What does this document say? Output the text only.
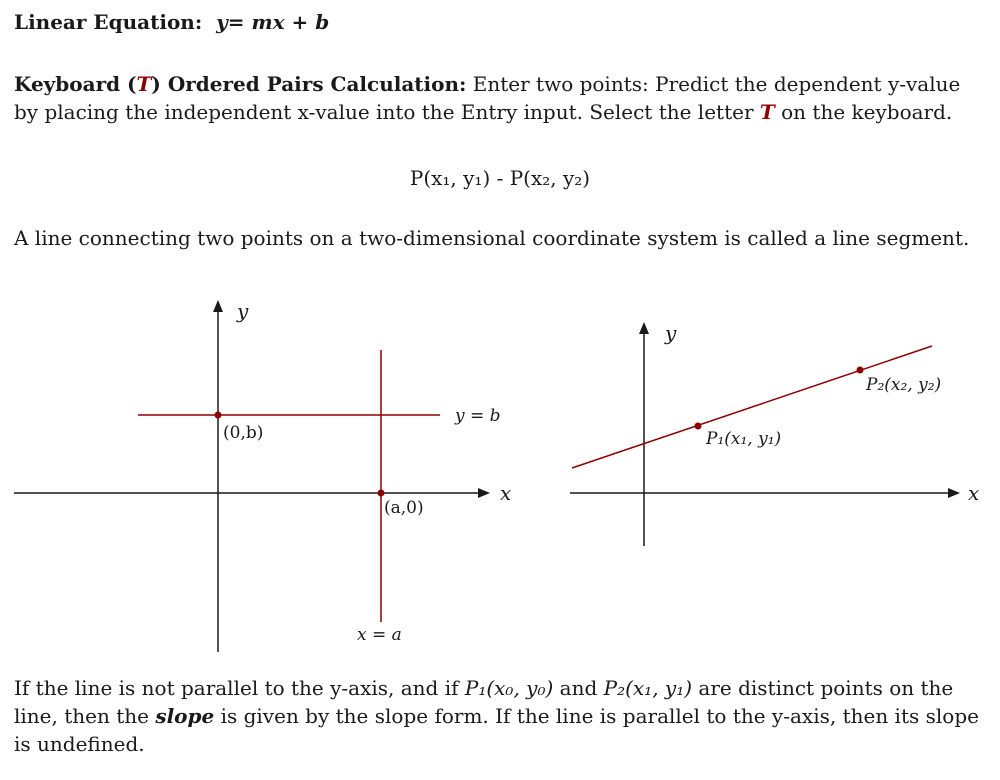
Linear Equation: y= mx + b
Keyboard (T) Ordered Pairs Calculation: Enter two points: Predict the dependent y-value by placing the independent x-value into the Entry input. Select the letter T on the keyboard.
P(x₁, y₁) - P(x₂, y₂)
A line connecting two points on a two-dimensional coordinate system is called a line segment.
y
x
y = b
x = a
(0,b)
(a,0)
y
x
P₁(x₁, y₁)
P₂(x₂, y₂)
If the line is not parallel to the y-axis, and if P₁(x₀, y₀) and P₂(x₁, y₁) are distinct points on the line, then the slope is given by the slope form. If the line is parallel to the y-axis, then its slope is undefined.
